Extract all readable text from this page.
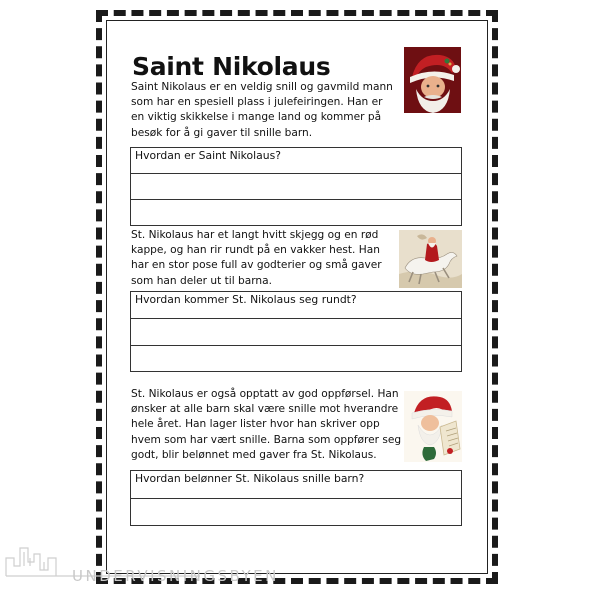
Saint Nikolaus

Saint Nikolaus er en veldig snill og gavmild mann som har en spesiell plass i julefeiringen. Han er en viktig skikkelse i mange land og kommer på besøk for å gi gaver til snille barn.

Hvordan er Saint Nikolaus?

St. Nikolaus har et langt hvitt skjegg og en rød kappe, og han rir rundt på en vakker hest. Han har en stor pose full av godterier og små gaver som han deler ut til barna.

Hvordan kommer St. Nikolaus seg rundt?

St. Nikolaus er også opptatt av god oppførsel. Han ønsker at alle barn skal være snille mot hverandre hele året. Han lager lister hvor han skriver opp hvem som har vært snille. Barna som oppfører seg godt, blir belønnet med gaver fra St. Nikolaus.

Hvordan belønner St. Nikolaus snille barn?
UNDERVISNINGSBYEN
